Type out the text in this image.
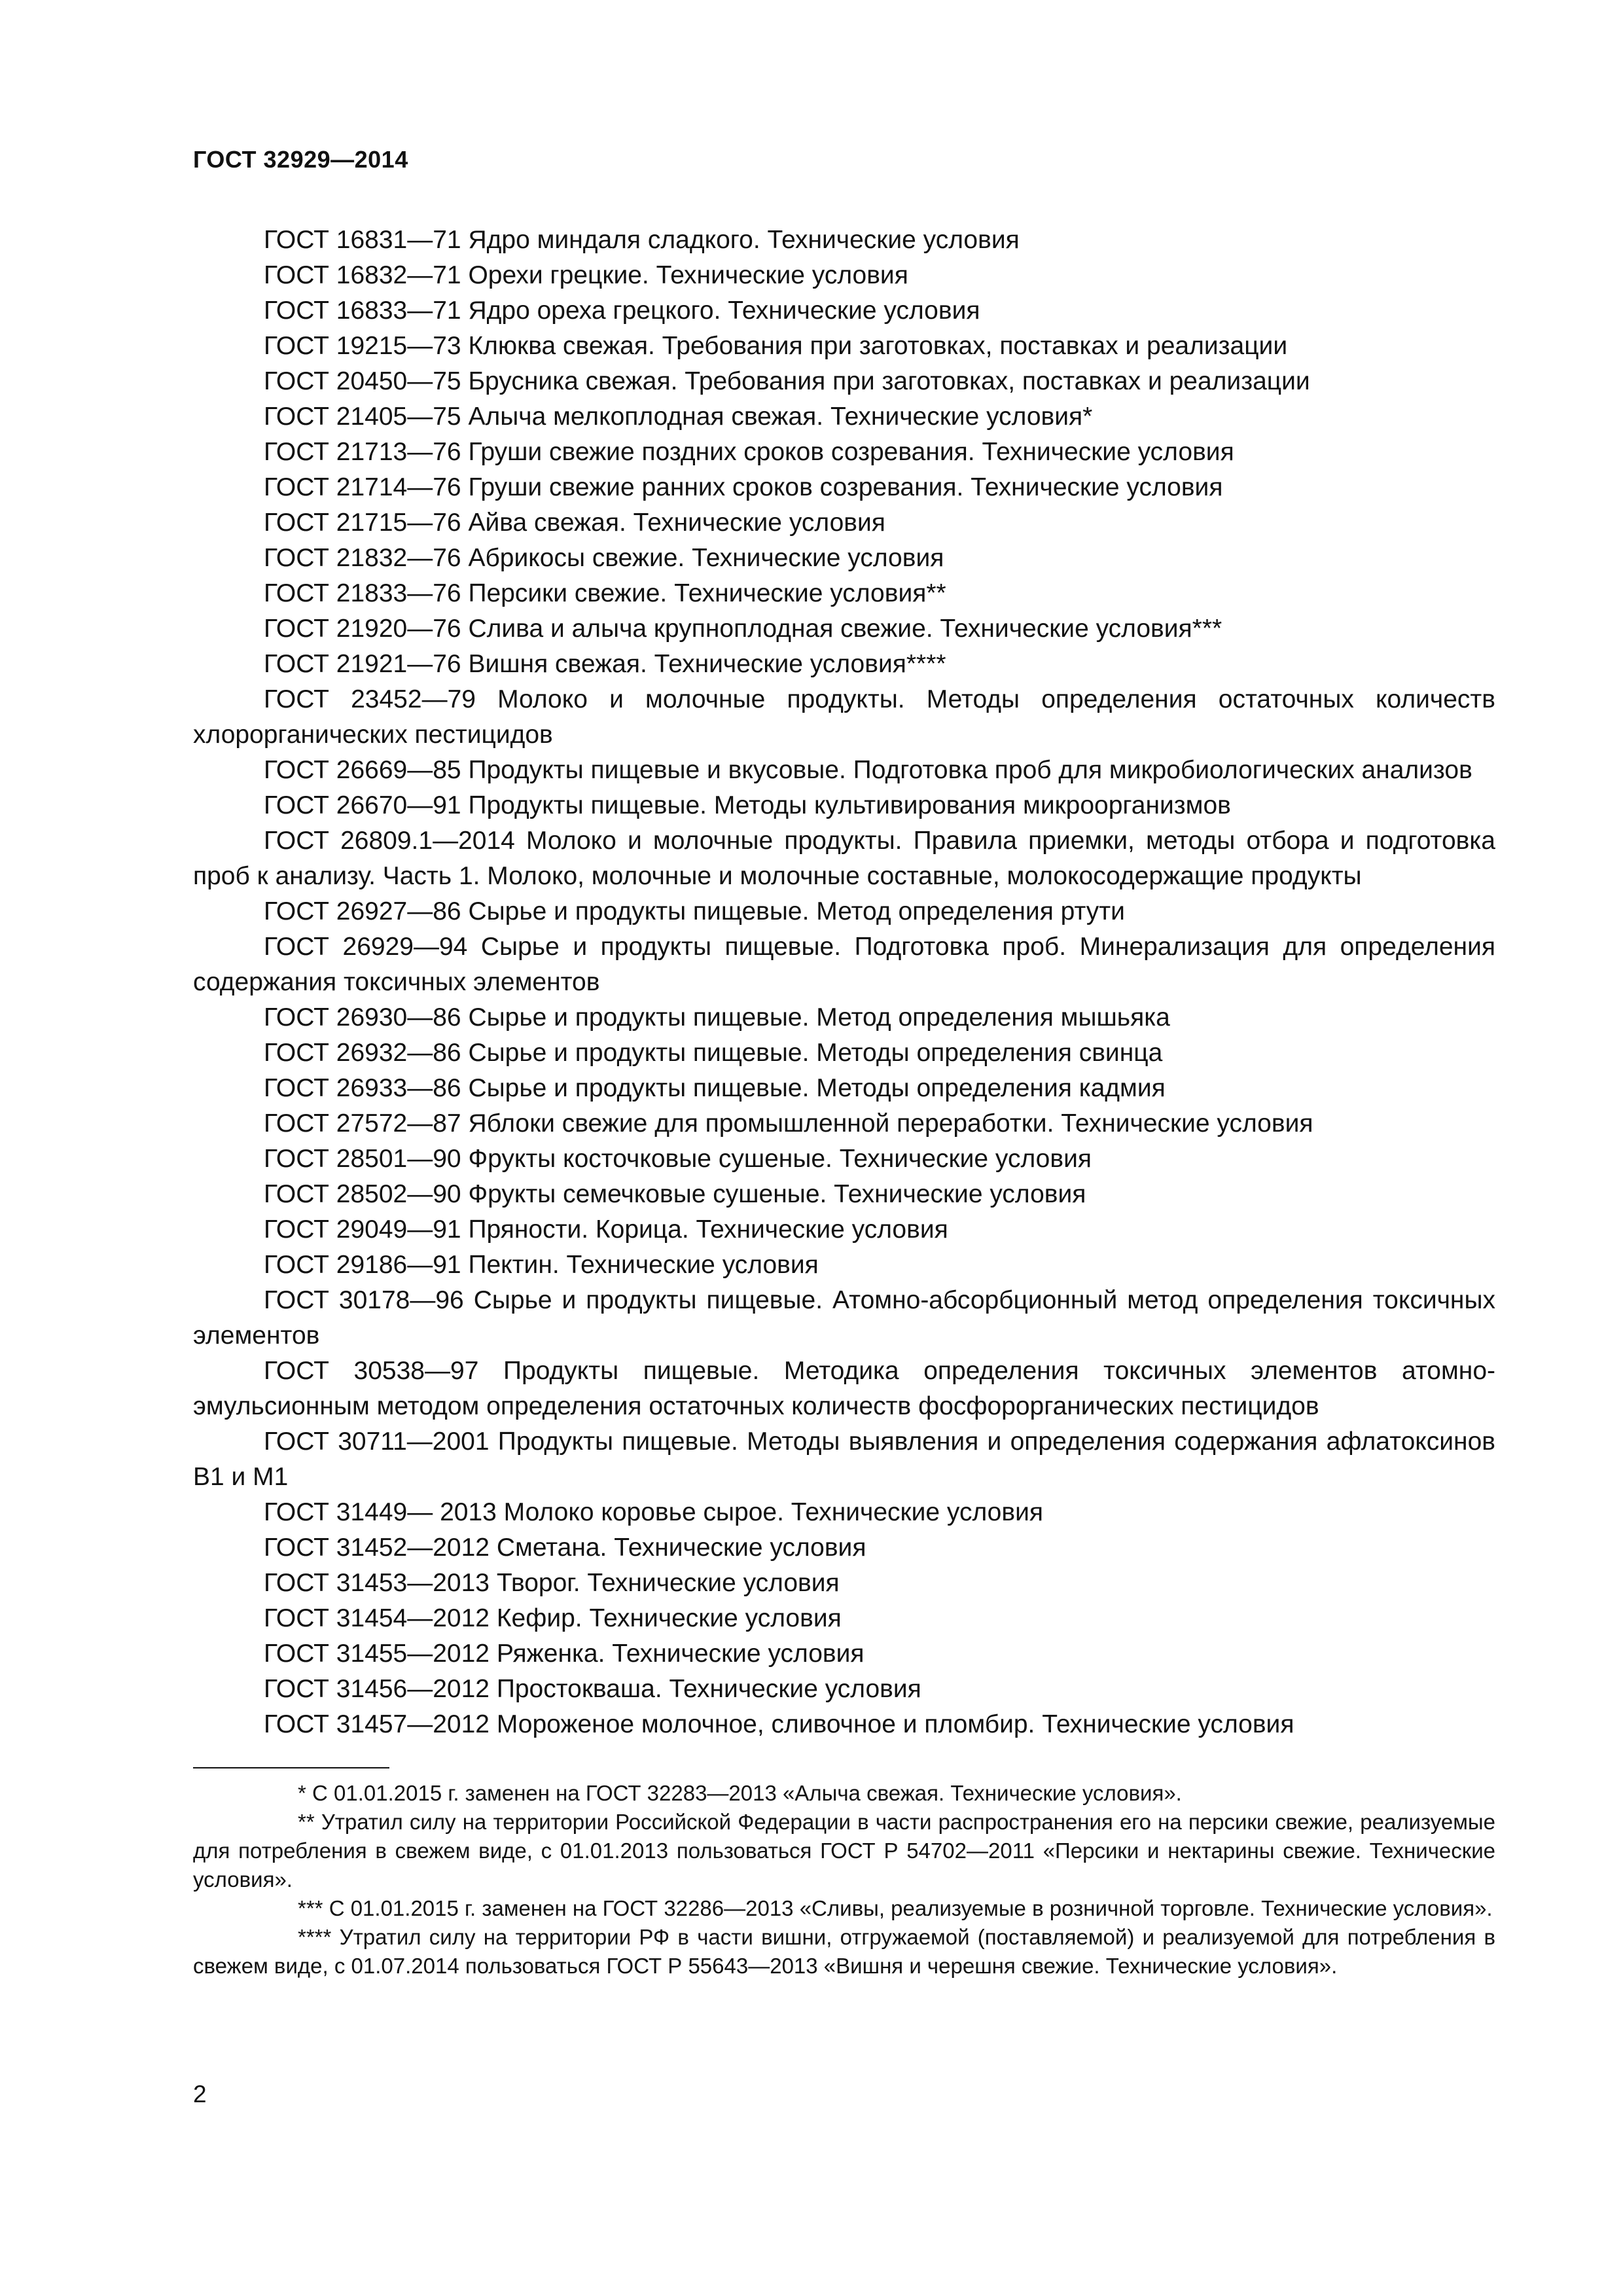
ГОСТ 32929—2014

ГОСТ 16831—71 Ядро миндаля сладкого. Технические условия

ГОСТ 16832—71 Орехи грецкие. Технические условия

ГОСТ 16833—71 Ядро ореха грецкого. Технические условия

ГОСТ 19215—73 Клюква свежая. Требования при заготовках, поставках и реализации

ГОСТ 20450—75 Брусника свежая. Требования при заготовках, поставках и реализации

ГОСТ 21405—75 Алыча мелкоплодная свежая. Технические условия*

ГОСТ 21713—76 Груши свежие поздних сроков созревания. Технические условия

ГОСТ 21714—76 Груши свежие ранних сроков созревания. Технические условия

ГОСТ 21715—76 Айва свежая. Технические условия

ГОСТ 21832—76 Абрикосы свежие. Технические условия

ГОСТ 21833—76 Персики свежие. Технические условия**

ГОСТ 21920—76 Слива и алыча крупноплодная свежие. Технические условия***

ГОСТ 21921—76 Вишня свежая. Технические условия****

ГОСТ 23452—79 Молоко и молочные продукты. Методы определения остаточных количеств хлорорганических пестицидов

ГОСТ 26669—85 Продукты пищевые и вкусовые. Подготовка проб для микробиологических анализов

ГОСТ 26670—91 Продукты пищевые. Методы культивирования микроорганизмов

ГОСТ 26809.1—2014 Молоко и молочные продукты. Правила приемки, методы отбора и подготовка проб к анализу. Часть 1. Молоко, молочные и молочные составные, молокосодержащие продукты

ГОСТ 26927—86 Сырье и продукты пищевые. Метод определения ртути

ГОСТ 26929—94 Сырье и продукты пищевые. Подготовка проб. Минерализация для определения содержания токсичных элементов

ГОСТ 26930—86 Сырье и продукты пищевые. Метод определения мышьяка

ГОСТ 26932—86 Сырье и продукты пищевые. Методы определения свинца

ГОСТ 26933—86 Сырье и продукты пищевые. Методы определения кадмия

ГОСТ 27572—87 Яблоки свежие для промышленной переработки. Технические условия

ГОСТ 28501—90 Фрукты косточковые сушеные. Технические условия

ГОСТ 28502—90 Фрукты семечковые сушеные. Технические условия

ГОСТ 29049—91 Пряности. Корица. Технические условия

ГОСТ 29186—91 Пектин. Технические условия

ГОСТ 30178—96 Сырье и продукты пищевые. Атомно-абсорбционный метод определения токсичных элементов

ГОСТ 30538—97 Продукты пищевые. Методика определения токсичных элементов атомно-эмульсионным методом определения остаточных количеств фосфорорганических пестицидов

ГОСТ 30711—2001 Продукты пищевые. Методы выявления и определения содержания афлатоксинов В1 и М1

ГОСТ 31449— 2013 Молоко коровье сырое. Технические условия

ГОСТ 31452—2012 Сметана. Технические условия

ГОСТ 31453—2013 Творог. Технические условия

ГОСТ 31454—2012 Кефир. Технические условия

ГОСТ 31455—2012 Ряженка. Технические условия

ГОСТ 31456—2012 Простокваша. Технические условия

ГОСТ 31457—2012 Мороженое молочное, сливочное и пломбир. Технические условия

* С 01.01.2015 г. заменен на ГОСТ 32283—2013 «Алыча свежая. Технические условия».

** Утратил силу на территории Российской Федерации в части распространения его на персики свежие, реализуемые для потребления в свежем виде, с 01.01.2013 пользоваться ГОСТ Р 54702—2011 «Персики и нектарины свежие. Технические условия».

*** С 01.01.2015 г. заменен на ГОСТ 32286—2013 «Сливы, реализуемые в розничной торговле. Технические условия».

**** Утратил силу на территории РФ в части вишни, отгружаемой (поставляемой) и реализуемой для потребления в свежем виде, с 01.07.2014 пользоваться ГОСТ Р 55643—2013 «Вишня и черешня свежие. Технические условия».

2
